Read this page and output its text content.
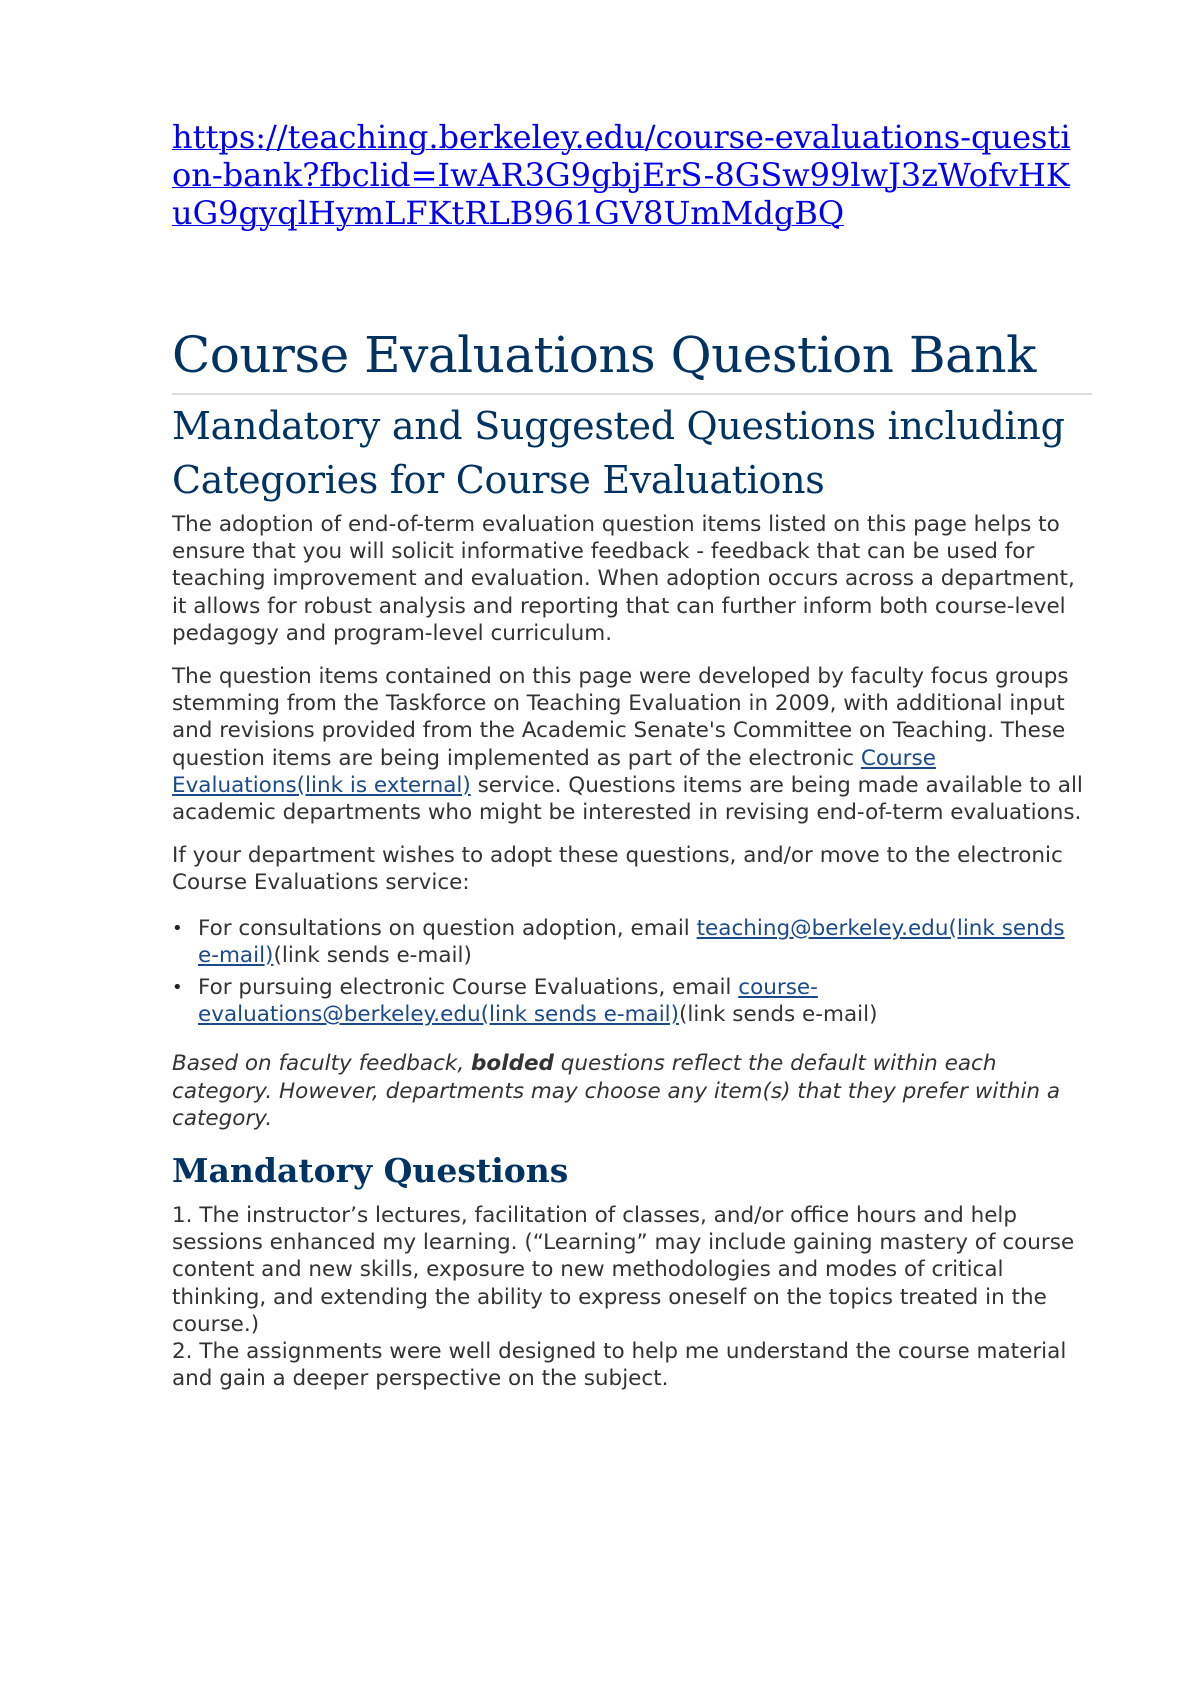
https://teaching.berkeley.edu/course-evaluations-question-bank?fbclid=IwAR3G9gbjErS-8GSw99lwJ3zWofvHKuG9gyqlHymLFKtRLB961GV8UmMdgBQ
Course Evaluations Question Bank
Mandatory and Suggested Questions including Categories for Course Evaluations

The adoption of end-of-term evaluation question items listed on this page helps to ensure that you will solicit informative feedback - feedback that can be used for teaching improvement and evaluation. When adoption occurs across a department, it allows for robust analysis and reporting that can further inform both course-level pedagogy and program-level curriculum.

The question items contained on this page were developed by faculty focus groups stemming from the Taskforce on Teaching Evaluation in 2009, with additional input and revisions provided from the Academic Senate's Committee on Teaching. These question items are being implemented as part of the electronic Course Evaluations(link is external) service. Questions items are being made available to all academic departments who might be interested in revising end-of-term evaluations.

If your department wishes to adopt these questions, and/or move to the electronic Course Evaluations service:

• For consultations on question adoption, email teaching@berkeley.edu(link sends e-mail)(link sends e-mail)
• For pursuing electronic Course Evaluations, email course-evaluations@berkeley.edu(link sends e-mail)(link sends e-mail)

Based on faculty feedback, bolded questions reflect the default within each category. However, departments may choose any item(s) that they prefer within a category.

Mandatory Questions

1. The instructor’s lectures, facilitation of classes, and/or office hours and help sessions enhanced my learning. (“Learning” may include gaining mastery of course content and new skills, exposure to new methodologies and modes of critical thinking, and extending the ability to express oneself on the topics treated in the course.)

2. The assignments were well designed to help me understand the course material and gain a deeper perspective on the subject.
